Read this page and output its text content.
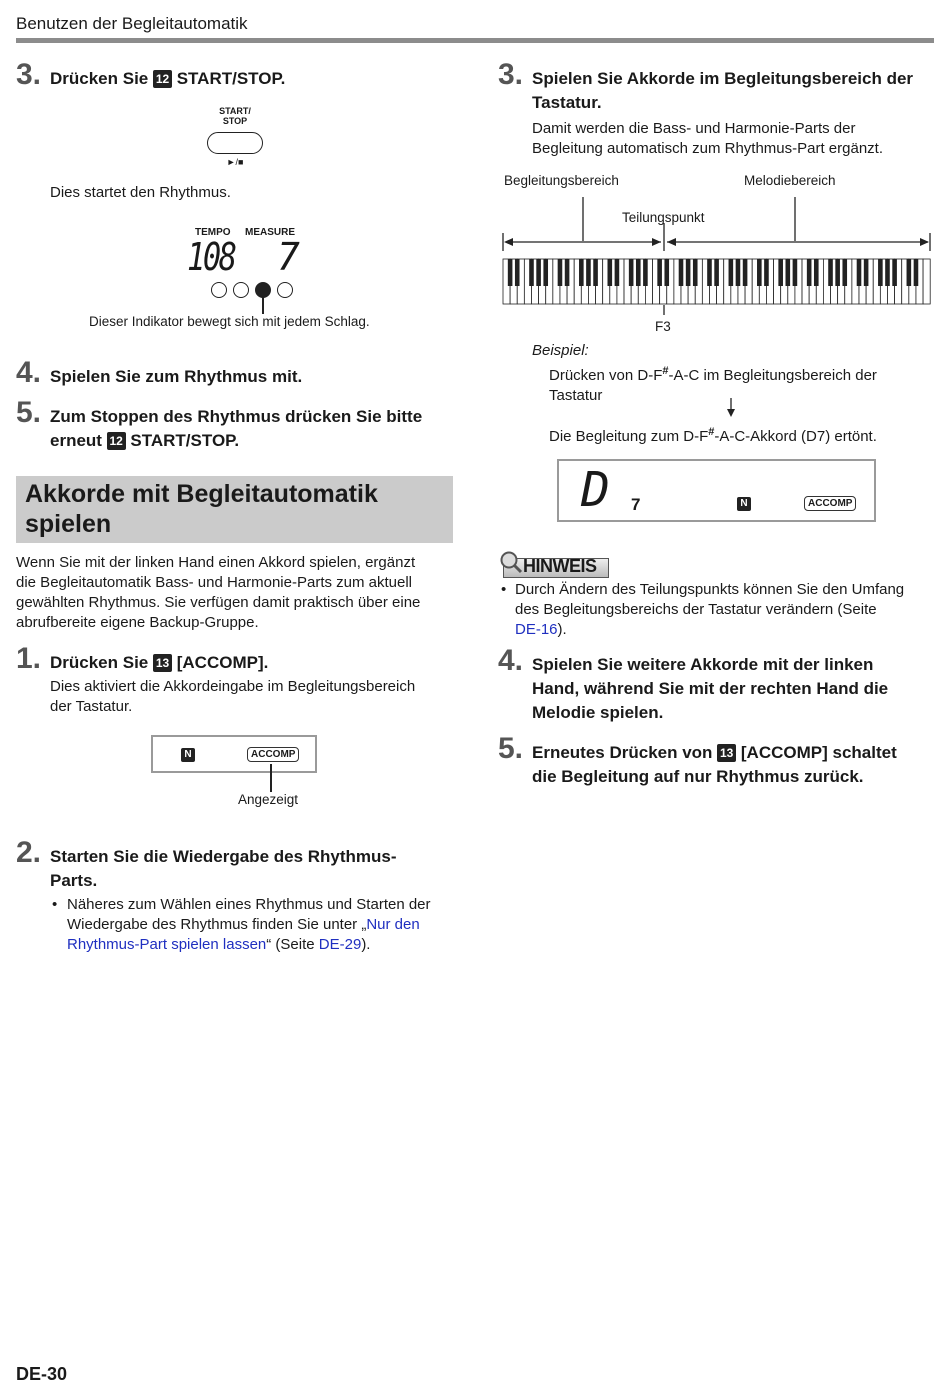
Benutzen der Begleitautomatik
3. Drücken Sie 12 START/STOP.
START/
STOP
►/■
Dies startet den Rhythmus.
TEMPO MEASURE
108 7
Dieser Indikator bewegt sich mit jedem Schlag.
4. Spielen Sie zum Rhythmus mit.
5. Zum Stoppen des Rhythmus drücken Sie bitte
erneut 12 START/STOP.
Akkorde mit Begleitautomatik spielen
Wenn Sie mit der linken Hand einen Akkord spielen, ergänzt
die Begleitautomatik Bass- und Harmonie-Parts zum aktuell
gewählten Rhythmus. Sie verfügen damit praktisch über eine
abrufbereite eigene Backup-Gruppe.
1. Drücken Sie 13 [ACCOMP].
Dies aktiviert die Akkordeingabe im Begleitungsbereich
der Tastatur.
N	ACCOMP
Angezeigt
2. Starten Sie die Wiedergabe des Rhythmus-
Parts.
• Näheres zum Wählen eines Rhythmus und Starten der
Wiedergabe des Rhythmus finden Sie unter „Nur den
Rhythmus-Part spielen lassen“ (Seite DE-29).
3. Spielen Sie Akkorde im Begleitungsbereich der
Tastatur.
Damit werden die Bass- und Harmonie-Parts der
Begleitung automatisch zum Rhythmus-Part ergänzt.
Begleitungsbereich	Melodiebereich
Teilungspunkt
F3
Beispiel:
Drücken von D-F#-A-C im Begleitungsbereich der
Tastatur
Die Begleitung zum D-F#-A-C-Akkord (D7) ertönt.
D 7	N	ACCOMP
HINWEIS
• Durch Ändern des Teilungspunkts können Sie den Umfang
des Begleitungsbereichs der Tastatur verändern (Seite
DE-16).
4. Spielen Sie weitere Akkorde mit der linken
Hand, während Sie mit der rechten Hand die
Melodie spielen.
5. Erneutes Drücken von 13 [ACCOMP] schaltet
die Begleitung auf nur Rhythmus zurück.
DE-30
